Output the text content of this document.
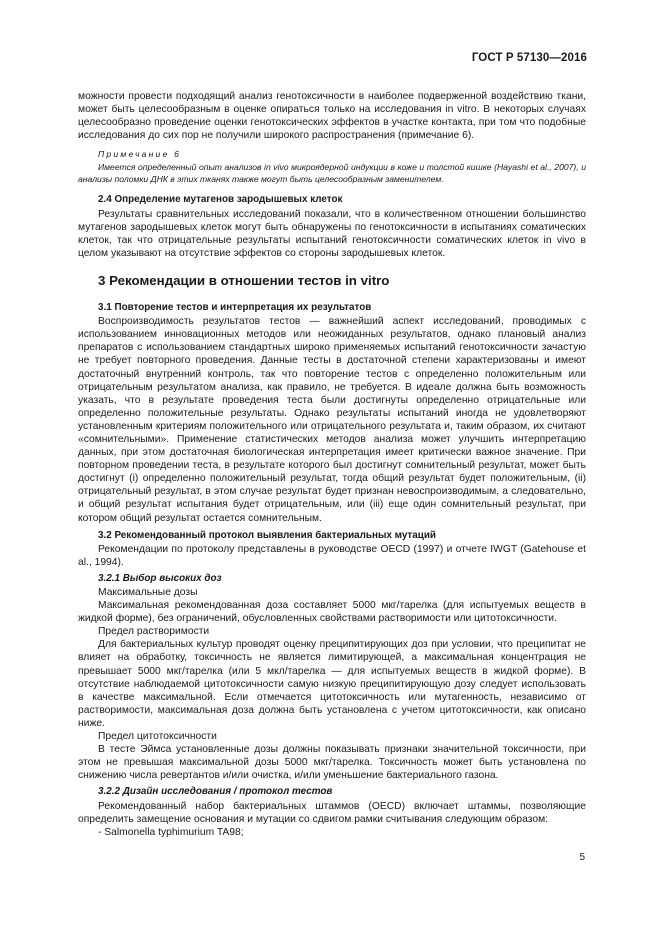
ГОСТ Р 57130—2016

можности провести подходящий анализ генотоксичности в наиболее подверженной воздействию ткани, может быть целесообразным в оценке опираться только на исследования in vitro. В некоторых случаях целесообразно проведение оценки генотоксических эффектов в участке контакта, при том что подобные исследования до сих пор не получили широкого распространения (примечание 6).

Примечание 6

Имеется определенный опыт анализов in vivo микроядерной индукции в коже и толстой кишке (Hayashi et al., 2007), и анализы поломки ДНК в этих тканях также могут быть целесообразным заменителем.

2.4 Определение мутагенов зародышевых клеток

Результаты сравнительных исследований показали, что в количественном отношении большинство мутагенов зародышевых клеток могут быть обнаружены по генотоксичности в испытаниях соматических клеток, так что отрицательные результаты испытаний генотоксичности соматических клеток in vivo в целом указывают на отсутствие эффектов со стороны зародышевых клеток.

3 Рекомендации в отношении тестов in vitro

3.1 Повторение тестов и интерпретация их результатов

Воспроизводимость результатов тестов — важнейший аспект исследований, проводимых с использованием инновационных методов или неожиданных результатов, однако плановый анализ препаратов с использованием стандартных широко применяемых испытаний генотоксичности зачастую не требует повторного проведения. Данные тесты в достаточной степени характеризованы и имеют достаточный внутренний контроль, так что повторение тестов с определенно положительным или отрицательным результатом анализа, как правило, не требуется. В идеале должна быть возможность указать, что в результате проведения теста были достигнуты определенно отрицательные или определенно положительные результаты. Однако результаты испытаний иногда не удовлетворяют установленным критериям положительного или отрицательного результата и, таким образом, их считают «сомнительными». Применение статистических методов анализа может улучшить интерпретацию данных, при этом достаточная биологическая интерпретация имеет критически важное значение. При повторном проведении теста, в результате которого был достигнут сомнительный результат, может быть достигнут (i) определенно положительный результат, тогда общий результат будет положительным, (ii) отрицательный результат, в этом случае результат будет признан невоспроизводимым, а следовательно, и общий результат испытания будет отрицательным, или (iii) еще один сомнительный результат, при котором общий результат остается сомнительным.

3.2 Рекомендованный протокол выявления бактериальных мутаций

Рекомендации по протоколу представлены в руководстве OECD (1997) и отчете IWGT (Gatehouse et al., 1994).

3.2.1 Выбор высоких доз

Максимальные дозы

Максимальная рекомендованная доза составляет 5000 мкг/тарелка (для испытуемых веществ в жидкой форме), без ограничений, обусловленных свойствами растворимости или цитотоксичности.

Предел растворимости

Для бактериальных культур проводят оценку преципитирующих доз при условии, что преципитат не влияет на обработку, токсичность не является лимитирующей, а максимальная концентрация не превышает 5000 мкг/тарелка (или 5 мкл/тарелка — для испытуемых веществ в жидкой форме). В отсутствие наблюдаемой цитотоксичности самую низкую преципитирующую дозу следует использовать в качестве максимальной. Если отмечается цитотоксичность или мутагенность, независимо от растворимости, максимальная доза должна быть установлена с учетом цитотоксичности, как описано ниже.

Предел цитотоксичности

В тесте Эймса установленные дозы должны показывать признаки значительной токсичности, при этом не превышая максимальной дозы 5000 мкг/тарелка. Токсичность может быть установлена по снижению числа ревертантов и/или очистка, и/или уменьшение бактериального газона.

3.2.2 Дизайн исследования / протокол тестов

Рекомендованный набор бактериальных штаммов (OECD) включает штаммы, позволяющие определить замещение основания и мутации со сдвигом рамки считывания следующим образом:

- Salmonella typhimurium TA98;

5
